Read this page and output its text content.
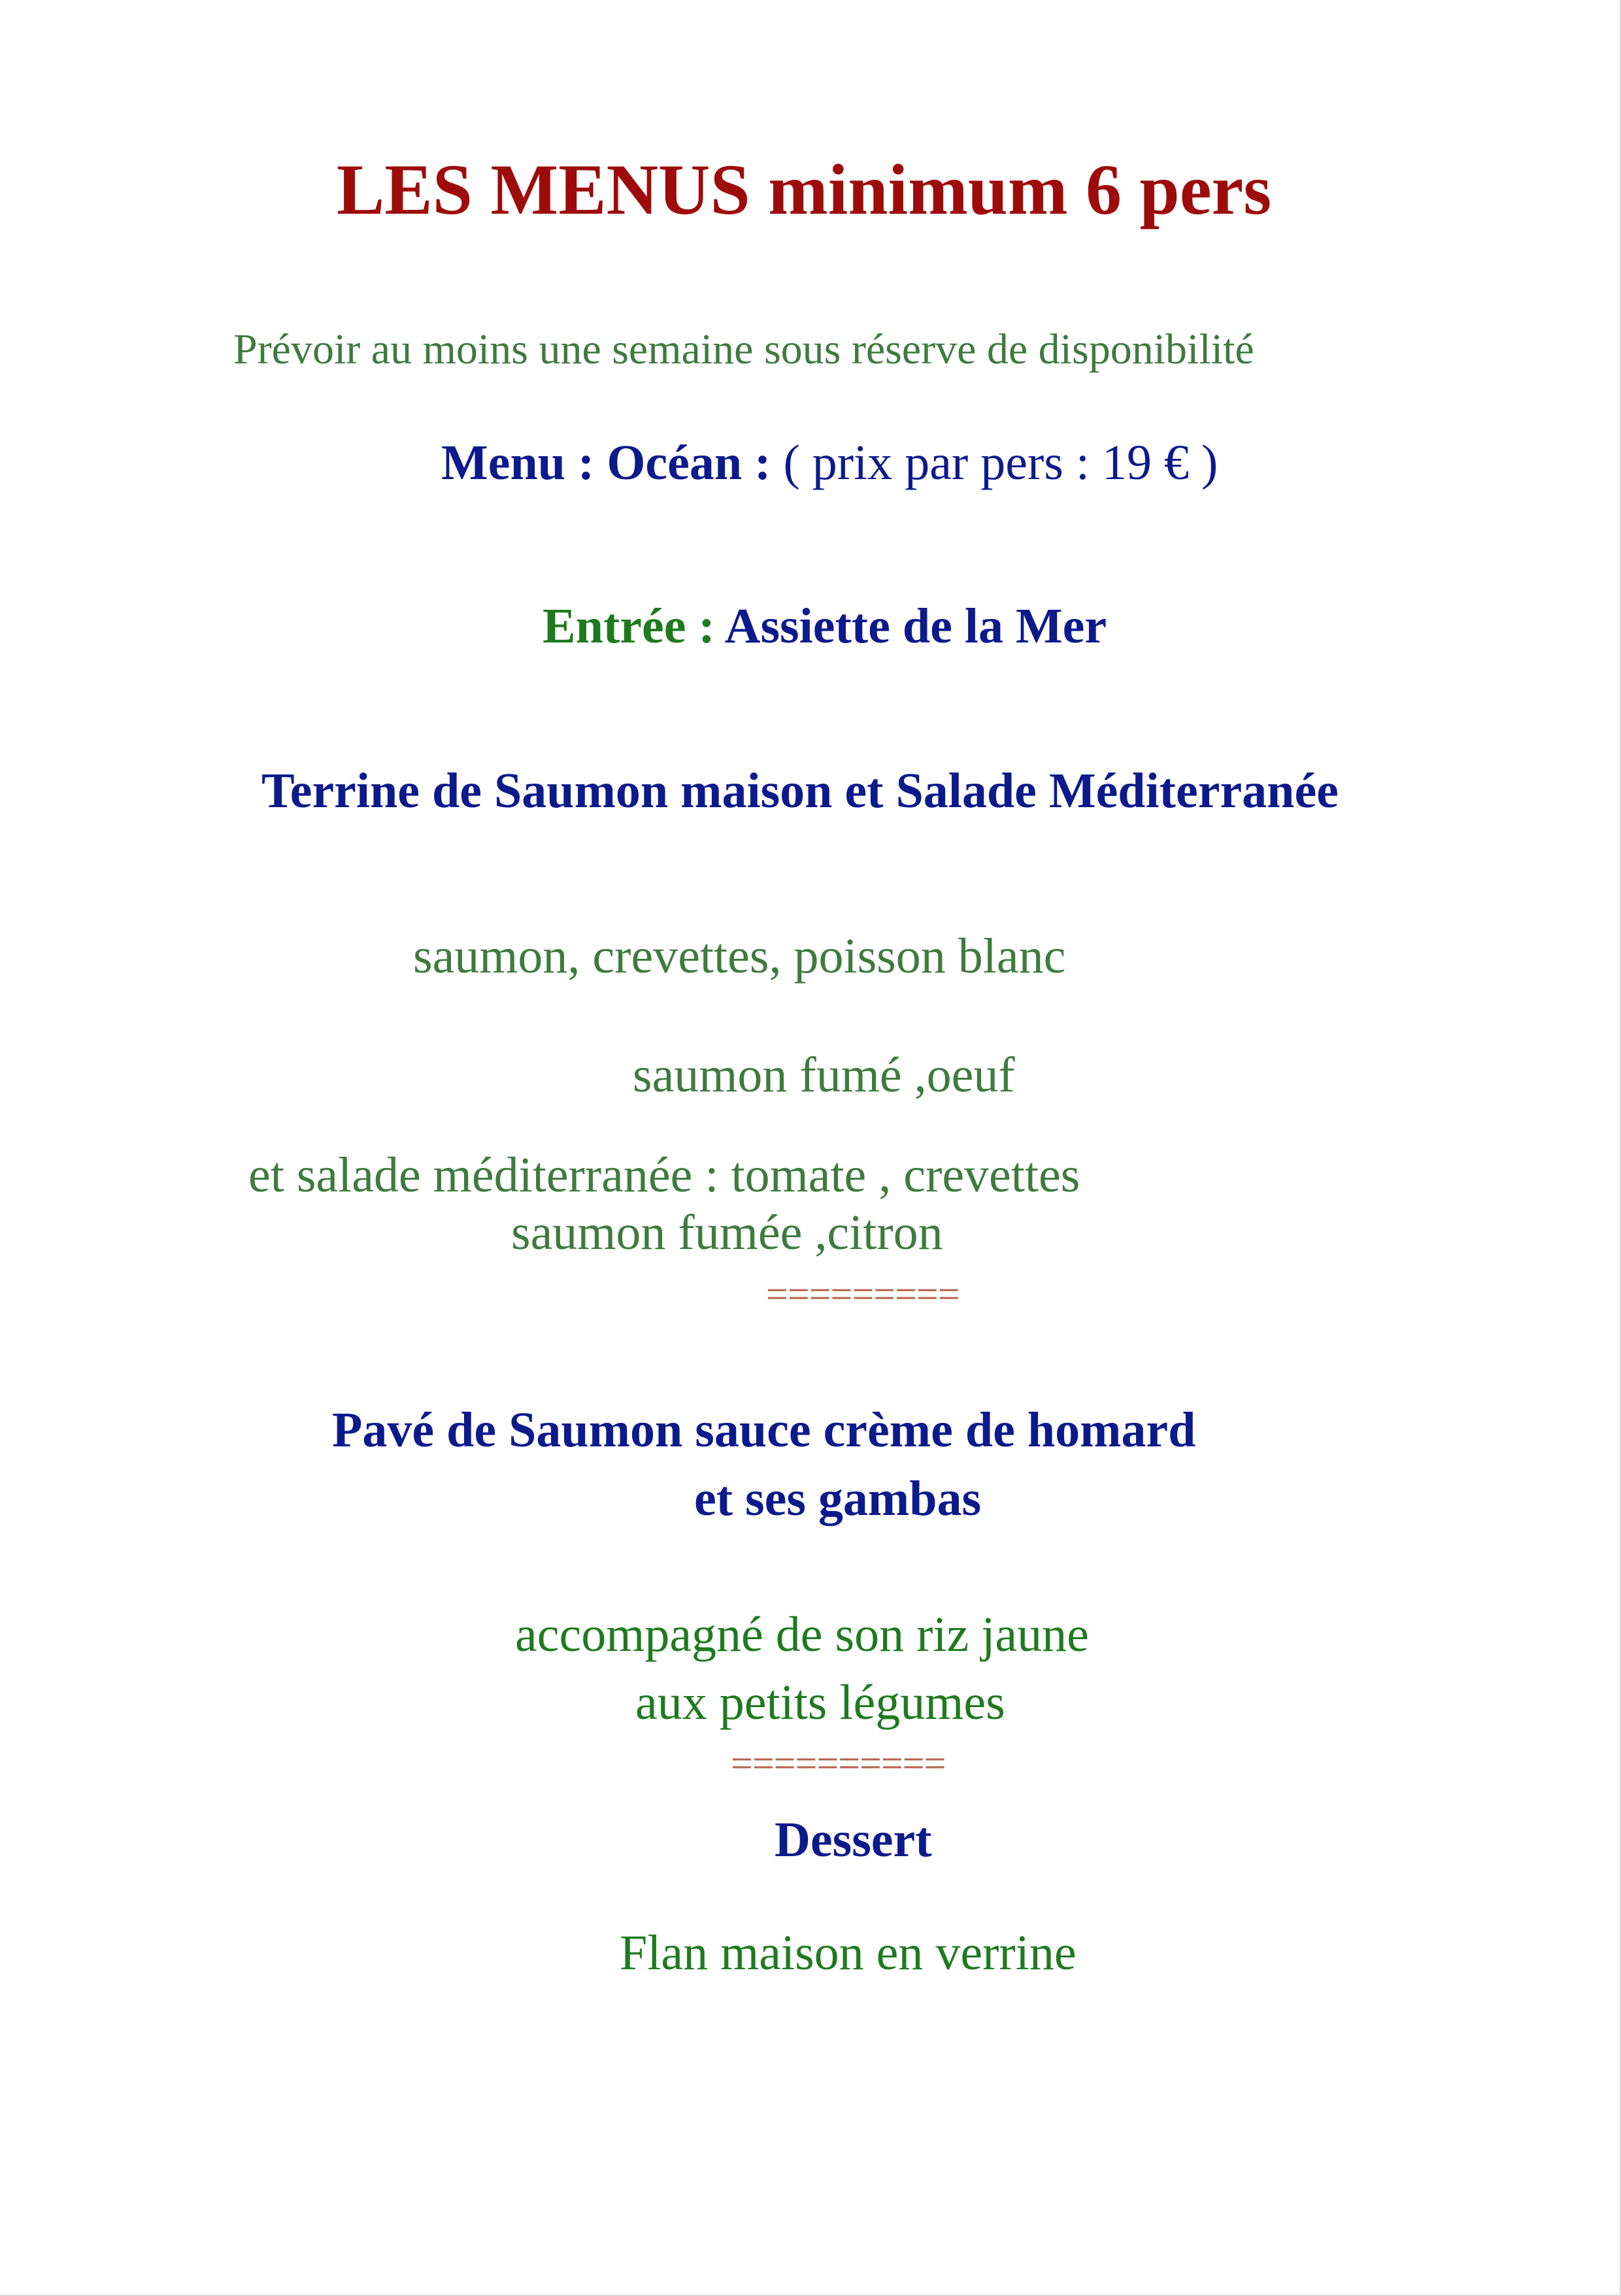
LES MENUS minimum 6 pers
Prévoir au moins une semaine sous réserve de disponibilité
Menu : Océan : ( prix par pers : 19 € )
Entrée : Assiette de la Mer
Terrine de Saumon maison et Salade Méditerranée
saumon, crevettes, poisson blanc
saumon fumé ,oeuf
et salade méditerranée : tomate , crevettes
saumon fumée ,citron
=========
Pavé de Saumon sauce crème de homard
et ses gambas
accompagné de son riz jaune
aux petits légumes
==========
Dessert
Flan maison en verrine
